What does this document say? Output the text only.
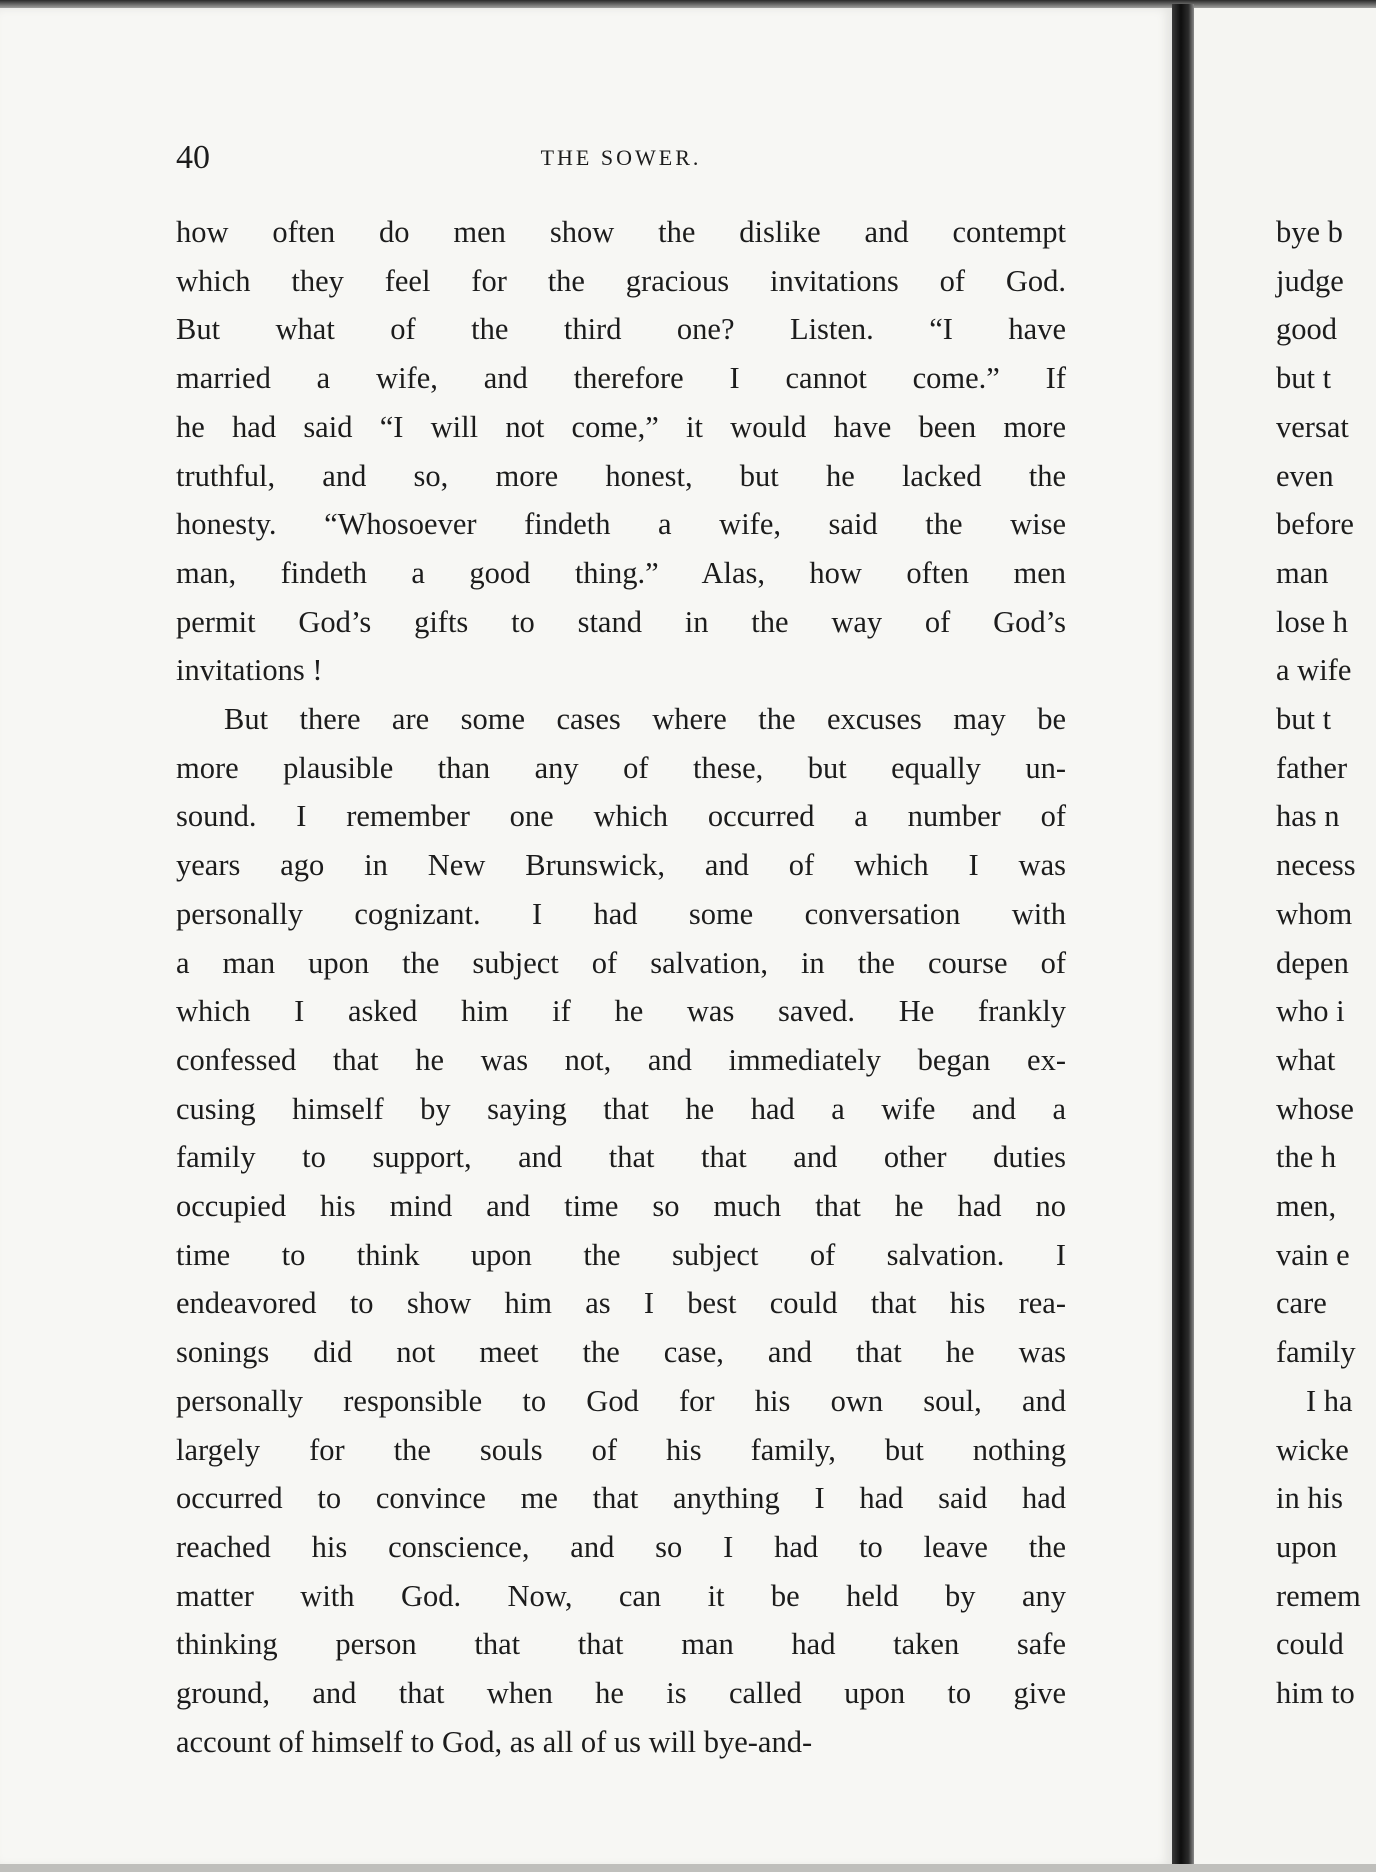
40	THE SOWER.

how often do men show the dislike and contempt

which they feel for the gracious invitations of God.

But what of the third one? Listen. “I have

married a wife, and therefore I cannot come.” If

he had said “I will not come,” it would have been more

truthful, and so, more honest, but he lacked the

honesty. “Whosoever findeth a wife, said the wise

man, findeth a good thing.” Alas, how often men

permit God’s gifts to stand in the way of God’s

invitations !

But there are some cases where the excuses may be

more plausible than any of these, but equally un-

sound. I remember one which occurred a number of

years ago in New Brunswick, and of which I was

personally cognizant. I had some conversation with

a man upon the subject of salvation, in the course of

which I asked him if he was saved. He frankly

confessed that he was not, and immediately began ex-

cusing himself by saying that he had a wife and a

family to support, and that that and other duties

occupied his mind and time so much that he had no

time to think upon the subject of salvation. I

endeavored to show him as I best could that his rea-

sonings did not meet the case, and that he was

personally responsible to God for his own soul, and

largely for the souls of his family, but nothing

occurred to convince me that anything I had said had

reached his conscience, and so I had to leave the

matter with God. Now, can it be held by any

thinking person that that man had taken safe

ground, and that when he is called upon to give

account of himself to God, as all of us will bye-and-

bye b

judge

good

but t

versat

even

before

man

lose h

a wife

but t

father

has n

necess

whom

depen

who i

what

whose

the h

men,

vain e

care

family

I ha

wicke

in his

upon

remem

could

him to
